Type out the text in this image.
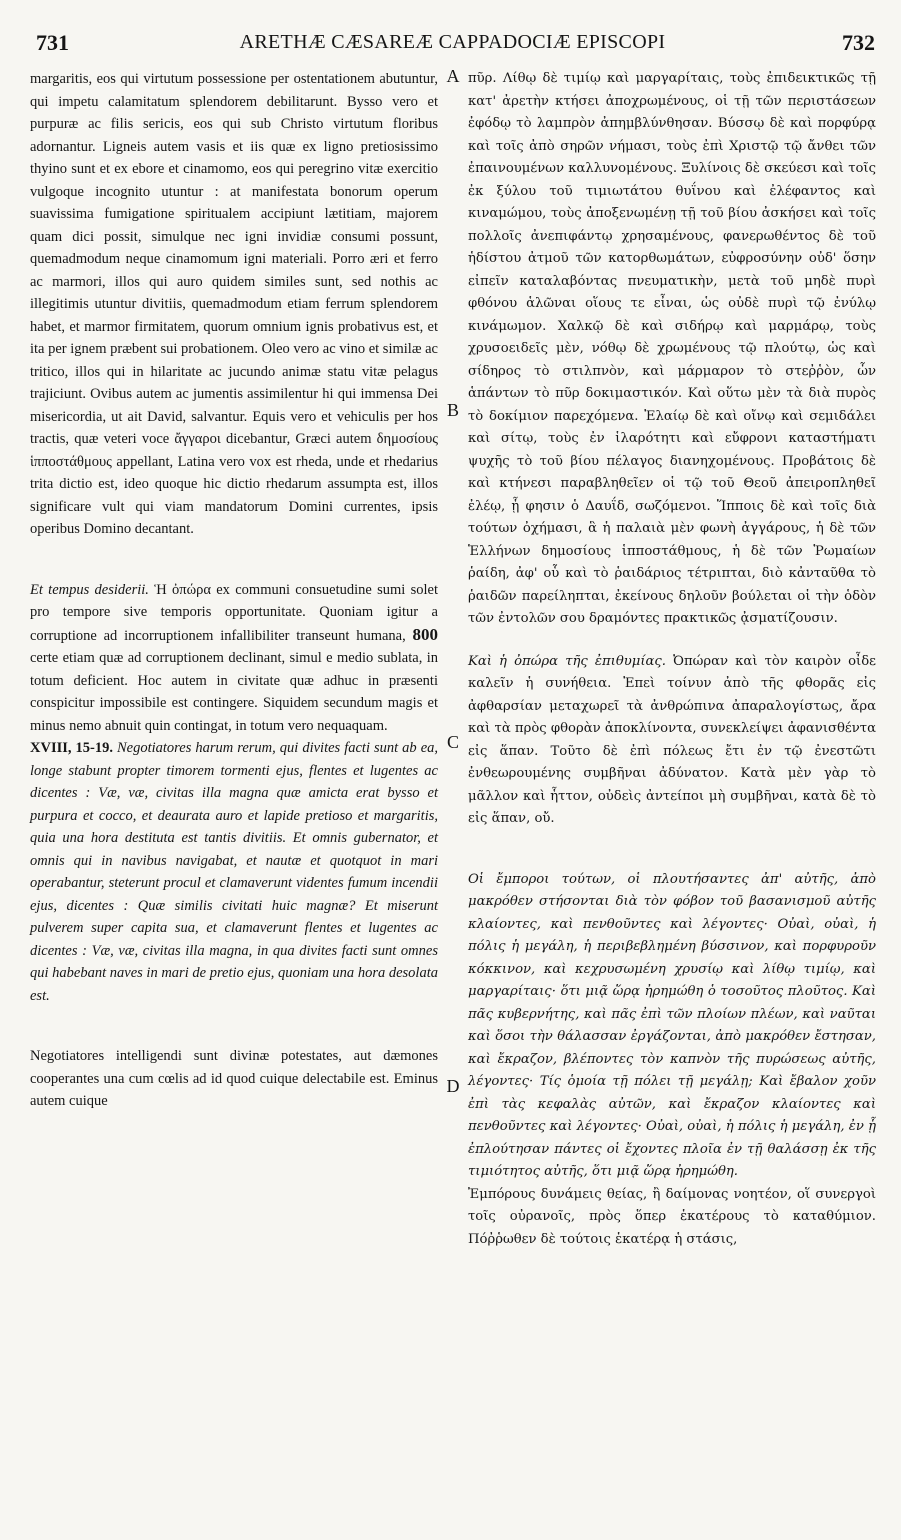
731	ARETHÆ CÆSAREÆ CAPPADOCIÆ EPISCOPI	732
A
B
C
D

margaritis, eos qui virtutum possessione per ostentationem abutuntur, qui impetu calamitatum splendorem debilitarunt. Bysso vero et purpuræ ac filis sericis, eos qui sub Christo virtutum floribus adornantur. Ligneis autem vasis et iis quæ ex ligno pretiosissimo thyino sunt et ex ebore et cinamomo, eos qui peregrino vitæ exercitio vulgoque incognito utuntur : at manifestata bonorum operum suavissima fumigatione spiritualem accipiunt lætitiam, majorem quam dici possit, simulque nec igni invidiæ consumi possunt, quemadmodum neque cinamomum igni materiali. Porro æri et ferro ac marmori, illos qui auro quidem similes sunt, sed nothis ac illegitimis utuntur divitiis, quemadmodum etiam ferrum splendorem habet, et marmor firmitatem, quorum omnium ignis probativus est, et ita per ignem præbent sui probationem. Oleo vero ac vino et similæ ac tritico, illos qui in hilaritate ac jucundo animæ statu vitæ pelagus trajiciunt. Ovibus autem ac jumentis assimilentur hi qui immensa Dei misericordia, ut ait David, salvantur. Equis vero et vehiculis per hos tractis, quæ veteri voce ἄγγαροι dicebantur, Græci autem δημοσίους ἱπποστάθμους appellant, Latina vero vox est rheda, unde et rhedarius trita dictio est, ideo quoque hic dictio rhedarum assumpta est, illos significare vult qui viam mandatorum Domini currentes, ipsis operibus Domino decantant.

Et tempus desiderii. Ἡ ὀπώρα ex communi consuetudine sumi solet pro tempore sive temporis opportunitate. Quoniam igitur a corruptione ad incorruptionem infallibiliter transeunt humana, 800 certe etiam quæ ad corruptionem declinant, simul e medio sublata, in totum deficient. Hoc autem in civitate quæ adhuc in præsenti conspicitur impossibile est contingere. Siquidem secundum magis et minus nemo abnuit quin contingat, in totum vero nequaquam.

XVIII, 15-19. Negotiatores harum rerum, qui divites facti sunt ab ea, longe stabunt propter timorem tormenti ejus, flentes et lugentes ac dicentes : Væ, væ, civitas illa magna quæ amicta erat bysso et purpura et cocco, et deaurata auro et lapide pretioso et margaritis, quia una hora destituta est tantis divitiis. Et omnis gubernator, et omnis qui in navibus navigabat, et nautæ et quotquot in mari operabantur, steterunt procul et clamaverunt videntes fumum incendii ejus, dicentes : Quæ similis civitati huic magnæ? Et miserunt pulverem super capita sua, et clamaverunt flentes et lugentes ac dicentes : Væ, væ, civitas illa magna, in qua divites facti sunt omnes qui habebant naves in mari de pretio ejus, quoniam una hora desolata est.

Negotiatores intelligendi sunt divinæ potestates, aut dæmones cooperantes una cum cœlis ad id quod cuique delectabile est. Eminus autem cuique

πῦρ. Λίθῳ δὲ τιμίῳ καὶ μαργαρίταις, τοὺς ἐπιδεικτικῶς τῇ κατ' ἀρετὴν κτήσει ἀποχρωμένους, οἱ τῇ τῶν περιστάσεων ἐφόδῳ τὸ λαμπρὸν ἀπημβλύνθησαν. Βύσσῳ δὲ καὶ πορφύρᾳ καὶ τοῖς ἀπὸ σηρῶν νήμασι, τοὺς ἐπὶ Χριστῷ τῷ ἄνθει τῶν ἐπαινουμένων καλλυνομένους. Ξυλίνοις δὲ σκεύεσι καὶ τοῖς ἐκ ξύλου τοῦ τιμιωτάτου θυΐνου καὶ ἐλέφαντος καὶ κιναμώμου, τοὺς ἀποξενωμένῃ τῇ τοῦ βίου ἀσκήσει καὶ τοῖς πολλοῖς ἀνεπιφάντῳ χρησαμένους, φανερωθέντος δὲ τοῦ ἡδίστου ἀτμοῦ τῶν κατορθωμάτων, εὐφροσύνην οὐδ' ὅσην εἰπεῖν καταλαβόντας πνευματικὴν, μετὰ τοῦ μηδὲ πυρὶ φθόνου ἁλῶναι οἵους τε εἶναι, ὡς οὐδὲ πυρὶ τῷ ἐνύλῳ κινάμωμον. Χαλκῷ δὲ καὶ σιδήρῳ καὶ μαρμάρῳ, τοὺς χρυσοειδεῖς μὲν, νόθῳ δὲ χρωμένους τῷ πλούτῳ, ὡς καὶ σίδηρος τὸ στιλπνὸν, καὶ μάρμαρον τὸ στεῤῥὸν, ὧν ἁπάντων τὸ πῦρ δοκιμαστικόν. Καὶ οὕτω μὲν τὰ διὰ πυρὸς τὸ δοκίμιον παρεχόμενα. Ἐλαίῳ δὲ καὶ οἴνῳ καὶ σεμιδάλει καὶ σίτῳ, τοὺς ἐν ἱλαρότητι καὶ εὔφρονι καταστήματι ψυχῆς τὸ τοῦ βίου πέλαγος διανηχομένους. Προβάτοις δὲ καὶ κτήνεσι παραβληθεῖεν οἱ τῷ τοῦ Θεοῦ ἀπειροπληθεῖ ἐλέῳ, ᾗ φησιν ὁ Δαυΐδ, σωζόμενοι. Ἵπποις δὲ καὶ τοῖς διὰ τούτων ὀχήμασι, ἃ ἡ παλαιὰ μὲν φωνὴ ἀγγάρους, ἡ δὲ τῶν Ἑλλήνων δημοσίους ἱπποστάθμους, ἡ δὲ τῶν Ῥωμαίων ῥαίδη, ἀφ' οὗ καὶ τὸ ῥαιδάριος τέτριπται, διὸ κἀνταῦθα τὸ ῥαιδῶν παρείληπται, ἐκείνους δηλοῦν βούλεται οἱ τὴν ὁδὸν τῶν ἐντολῶν σου δραμόντες πρακτικῶς ᾀσματίζουσιν.

Καὶ ἡ ὀπώρα τῆς ἐπιθυμίας. Ὀπώραν καὶ τὸν καιρὸν οἶδε καλεῖν ἡ συνήθεια. Ἐπεὶ τοίνυν ἀπὸ τῆς φθορᾶς εἰς ἀφθαρσίαν μεταχωρεῖ τὰ ἀνθρώπινα ἀπαραλογίστως, ἄρα καὶ τὰ πρὸς φθορὰν ἀποκλίνοντα, συνεκλείψει ἀφανισθέντα εἰς ἅπαν. Τοῦτο δὲ ἐπὶ πόλεως ἔτι ἐν τῷ ἐνεστῶτι ἐνθεωρουμένης συμβῆναι ἀδύνατον. Κατὰ μὲν γὰρ τὸ μᾶλλον καὶ ἧττον, οὐδεὶς ἀντείποι μὴ συμβῆναι, κατὰ δὲ τὸ εἰς ἅπαν, οὔ.

Οἱ ἔμποροι τούτων, οἱ πλουτήσαντες ἀπ' αὐτῆς, ἀπὸ μακρόθεν στήσονται διὰ τὸν φόβον τοῦ βασανισμοῦ αὐτῆς κλαίοντες, καὶ πενθοῦντες καὶ λέγοντες· Οὐαὶ, οὐαὶ, ἡ πόλις ἡ μεγάλη, ἡ περιβεβλημένη βύσσινον, καὶ πορφυροῦν κόκκινον, καὶ κεχρυσωμένη χρυσίῳ καὶ λίθῳ τιμίῳ, καὶ μαργαρίταις· ὅτι μιᾷ ὥρᾳ ἠρημώθη ὁ τοσοῦτος πλοῦτος. Καὶ πᾶς κυβερνήτης, καὶ πᾶς ἐπὶ τῶν πλοίων πλέων, καὶ ναῦται καὶ ὅσοι τὴν θάλασσαν ἐργάζονται, ἀπὸ μακρόθεν ἔστησαν, καὶ ἔκραζον, βλέποντες τὸν καπνὸν τῆς πυρώσεως αὐτῆς, λέγοντες· Τίς ὁμοία τῇ πόλει τῇ μεγάλῃ; Καὶ ἔβαλον χοῦν ἐπὶ τὰς κεφαλὰς αὐτῶν, καὶ ἔκραζον κλαίοντες καὶ πενθοῦντες καὶ λέγοντες· Οὐαὶ, οὐαὶ, ἡ πόλις ἡ μεγάλη, ἐν ᾗ ἐπλούτησαν πάντες οἱ ἔχοντες πλοῖα ἐν τῇ θαλάσσῃ ἐκ τῆς τιμιότητος αὐτῆς, ὅτι μιᾷ ὥρᾳ ἠρημώθη.

Ἐμπόρους δυνάμεις θείας, ἢ δαίμονας νοητέον, οἵ συνεργοὶ τοῖς οὐρανοῖς, πρὸς ὅπερ ἑκατέρους τὸ καταθύμιον. Πόῤῥωθεν δὲ τούτοις ἑκατέρᾳ ἡ στάσις,
